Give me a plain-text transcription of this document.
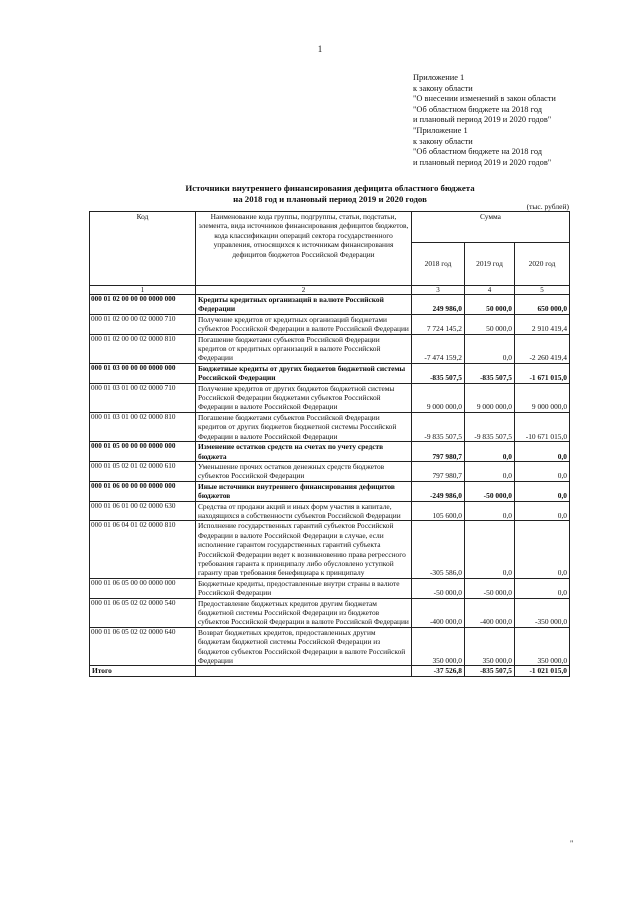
1
Приложение 1
к закону области
"О внесении изменений в закон области
"Об областном бюджете на 2018 год
и плановый период 2019 и 2020 годов"
"Приложение 1
к закону области
"Об областном бюджете на 2018 год
и плановый период 2019 и 2020 годов"
Источники внутреннего финансирования дефицита областного бюджета
на 2018 год и плановый период 2019 и 2020 годов
(тыс. рублей)
Код	Наименование кода группы, подгруппы, статьи, подстатьи, элемента, вида источников финансирования дефицитов бюджетов, кода классификации операций сектора государственного управления, относящихся к источникам финансирования дефицитов бюджетов Российской Федерации	Сумма		
		2018 год	2019 год	2020 год
1	2	3	4	5
000 01 02 00 00 00 0000 000	Кредиты кредитных организаций в валюте Российской Федерации	249 986,0	50 000,0	650 000,0
000 01 02 00 00 02 0000 710	Получение кредитов от кредитных организаций бюджетами субъектов Российской Федерации в валюте Российской Федерации	7 724 145,2	50 000,0	2 910 419,4
000 01 02 00 00 02 0000 810	Погашение бюджетами субъектов Российской Федерации кредитов от кредитных организаций в валюте Российской Федерации	-7 474 159,2	0,0	-2 260 419,4
000 01 03 00 00 00 0000 000	Бюджетные кредиты от других бюджетов бюджетной системы Российской Федерации	-835 507,5	-835 507,5	-1 671 015,0
000 01 03 01 00 02 0000 710	Получение кредитов от других бюджетов бюджетной системы Российской Федерации бюджетами субъектов Российской Федерации в валюте Российской Федерации	9 000 000,0	9 000 000,0	9 000 000,0
000 01 03 01 00 02 0000 810	Погашение бюджетами субъектов Российской Федерации кредитов от других бюджетов бюджетной системы Российской Федерации в валюте Российской Федерации	-9 835 507,5	-9 835 507,5	-10 671 015,0
000 01 05 00 00 00 0000 000	Изменение остатков средств на счетах по учету средств бюджета	797 980,7	0,0	0,0
000 01 05 02 01 02 0000 610	Уменьшение прочих остатков денежных средств бюджетов субъектов Российской Федерации	797 980,7	0,0	0,0
000 01 06 00 00 00 0000 000	Иные источники внутреннего финансирования дефицитов бюджетов	-249 986,0	-50 000,0	0,0
000 01 06 01 00 02 0000 630	Средства от продажи акций и иных форм участия в капитале, находящихся в собственности субъектов Российской Федерации	105 600,0	0,0	0,0
000 01 06 04 01 02 0000 810	Исполнение государственных гарантий субъектов Российской Федерации в валюте Российской Федерации в случае, если исполнение гарантом государственных гарантий субъекта Российской Федерации ведет к возникновению права регрессного требования гаранта к принципалу либо обусловлено уступкой гаранту прав требования бенефициара к принципалу	-305 586,0	0,0	0,0
000 01 06 05 00 00 0000 000	Бюджетные кредиты, предоставленные внутри страны в валюте Российской Федерации	-50 000,0	-50 000,0	0,0
000 01 06 05 02 02 0000 540	Предоставление бюджетных кредитов другим бюджетам бюджетной системы Российской Федерации из бюджетов субъектов Российской Федерации в валюте Российской Федерации	-400 000,0	-400 000,0	-350 000,0
000 01 06 05 02 02 0000 640	Возврат бюджетных кредитов, предоставленных другим бюджетам бюджетной системы Российской Федерации из бюджетов субъектов Российской Федерации в валюте Российской Федерации	350 000,0	350 000,0	350 000,0
Итого		-37 526,8	-835 507,5	-1 021 015,0
"
